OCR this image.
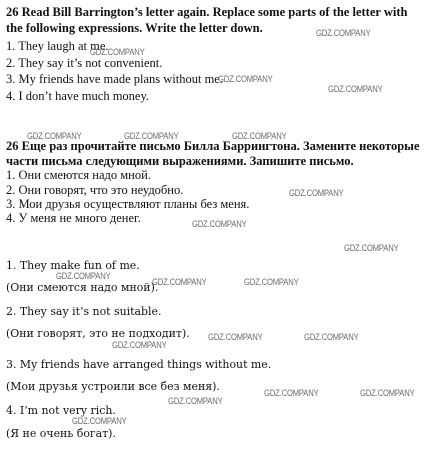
26 Read Bill Barrington’s letter again. Replace some parts of the letter with
the following expressions. Write the letter down.
1. They laugh at me.
2. They say it’s not convenient.
3. My friends have made plans without me.
4. I don’t have much money.
26 Еще раз прочитайте письмо Билла Баррингтона. Замените некоторые
части письма следующими выражениями. Запишите письмо.
1. Они смеются надо мной.
2. Они говорят, что это неудобно.
3. Мои друзья осуществляют планы без меня.
4. У меня не много денег.
1. They make fun of me.
(Они смеются надо мной).
2. They say it’s not suitable.
(Они говорят, это не подходит).
3. My friends have arranged things without me.
(Мои друзья устроили все без меня).
4. I’m not very rich.
(Я не очень богат).
GDZ.COMPANY
GDZ.COMPANY
GDZ.COMPANY
GDZ.COMPANY
GDZ.COMPANY	GDZ.COMPANY	GDZ.COMPANY
GDZ.COMPANY
GDZ.COMPANY
GDZ.COMPANY
GDZ.COMPANY
GDZ.COMPANY	GDZ.COMPANY
GDZ.COMPANY	GDZ.COMPANY
GDZ.COMPANY
GDZ.COMPANY	GDZ.COMPANY
GDZ.COMPANY
GDZ.COMPANY
